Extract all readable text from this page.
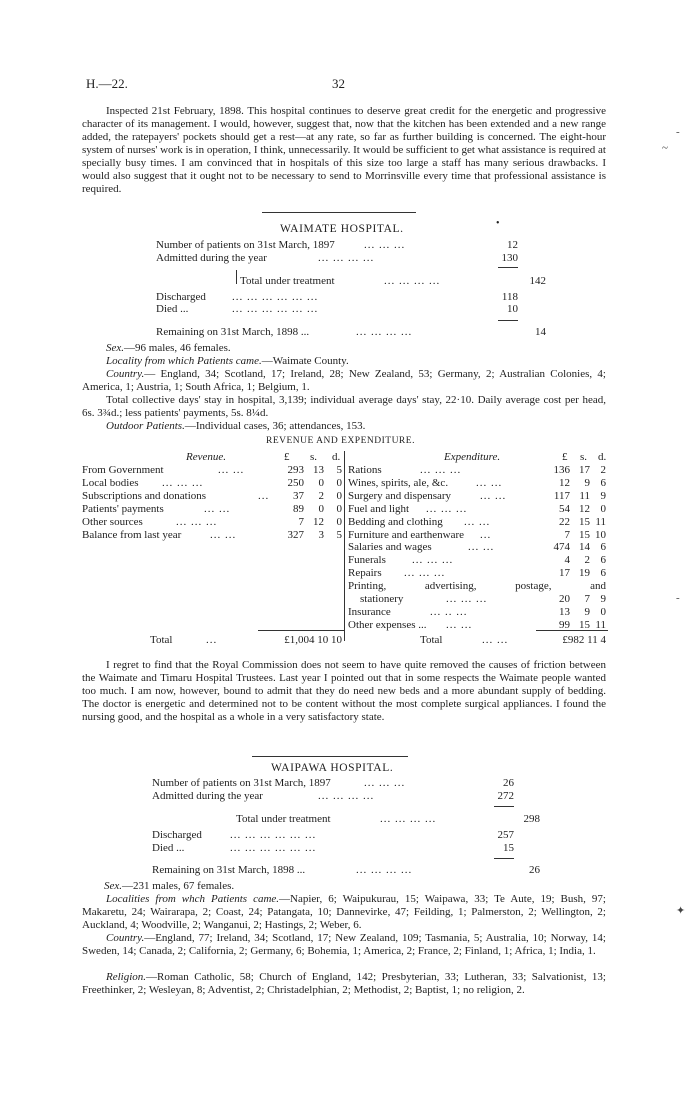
H.—22.	32
Inspected 21st February, 1898. This hospital continues to deserve great credit for the energetic and progressive character of its management. I would, however, suggest that, now that the kitchen has been extended and a new range added, the ratepayers' pockets should get a rest—at any rate, so far as further building is concerned. The eight-hour system of nurses' work is in operation, I think, unnecessarily. It would be sufficient to get what assistance is required at specially busy times. I am convinced that in hospitals of this size too large a staff has many serious drawbacks. I would also suggest that it ought not to be necessary to send to Morrinsville every time that professional assistance is required.
•
WAIMATE HOSPITAL.
Number of patients on 31st March, 1897	... ... ...	12
Admitted during the year	... ... ... ...	130
Total under treatment	... ... ... ...	142
Discharged ... ... ... ... ... ...	118
Died ...	... ... ... ... ... ...	10
Remaining on 31st March, 1898 ...	... ... ... ...	14
Sex.—96 males, 46 females.
Locality from which Patients came.—Waimate County.
Country.— England, 34; Scotland, 17; Ireland, 28; New Zealand, 53; Germany, 2; Australian Colonies, 4; America, 1; Austria, 1; South Africa, 1; Belgium, 1.
Total collective days' stay in hospital, 3,139; individual average days' stay, 22·10. Daily average cost per head, 6s. 3¾d.; less patients' payments, 5s. 8¼d.
Outdoor Patients.—Individual cases, 36; attendances, 153.
REVENUE AND EXPENDITURE.
Revenue.	£ s. d.	Expenditure.	£ s. d.
From Government	... ...	293 13	5
Local bodies ... ... ...	250	0	0
Subscriptions and donations	...	37	2	0
Patients' payments	... ...	89	0	0
Other sources	... ... ...	7 12	0
Balance from last year	... ...	327	3	5
Rations	... ... ...	136 17 2
Wines, spirits, ale, &c.	... ...	12	9 6
Surgery and dispensary	... ...	117 11 9
Fuel and light ... ... ...	54 12 0
Bedding and clothing ... ...	22 15 11
Furniture and earthenware ...	7 15 10
Salaries and wages	... ...	474 14 6
Funerals ... ... ...	4	2 6
Repairs ... ... ...	17 19 6
Printing, advertising, postage, and
stationery	... ... ...	20	7 9
Insurance	... .. ...	13	9 0
Other expenses ... ... ...	99 15 11
Total	...	£1,004 10 10	Total	... ...	£982 11 4
I regret to find that the Royal Commission does not seem to have quite removed the causes of friction between the Waimate and Timaru Hospital Trustees. Last year I pointed out that in some respects the Waimate people wanted too much. I am now, however, bound to admit that they do need new beds and a more abundant supply of bedding. The doctor is energetic and determined not to be content without the most complete surgical appliances. I found the nursing good, and the hospital as a whole in a very satisfactory state.
WAIPAWA HOSPITAL.
Number of patients on 31st March, 1897	... ... ...	26
Admitted during the year	... ... ... ...	272
Total under treatment	... ... ... ...	298
Discharged	... ... ... ... ... ...	257
Died ...	... ... ... ... ... ...	15
Remaining on 31st March, 1898 ...	... ... ... ...	26
Sex.—231 males, 67 females.
Localities from whch Patients came.—Napier, 6; Waipukurau, 15; Waipawa, 33; Te Aute, 19; Bush, 97; Makaretu, 24; Wairarapa, 2; Coast, 24; Patangata, 10; Dannevirke, 47; Feilding, 1; Palmerston, 2; Wellington, 2; Auckland, 4; Woodville, 2; Wanganui, 2; Hastings, 2; Weber, 6.
Country.—England, 77; Ireland, 34; Scotland, 17; New Zealand, 109; Tasmania, 5; Australia, 10; Norway, 14; Sweden, 14; Canada, 2; California, 2; Germany, 6; Bohemia, 1; America, 2; France, 2; Finland, 1; Africa, 1; India, 1.
Religion.—Roman Catholic, 58; Church of England, 142; Presbyterian, 33; Lutheran, 33; Salvationist, 13; Freethinker, 2; Wesleyan, 8; Adventist, 2; Christadelphian, 2; Methodist, 2; Baptist, 1; no religion, 2.
-
~
-
✦
